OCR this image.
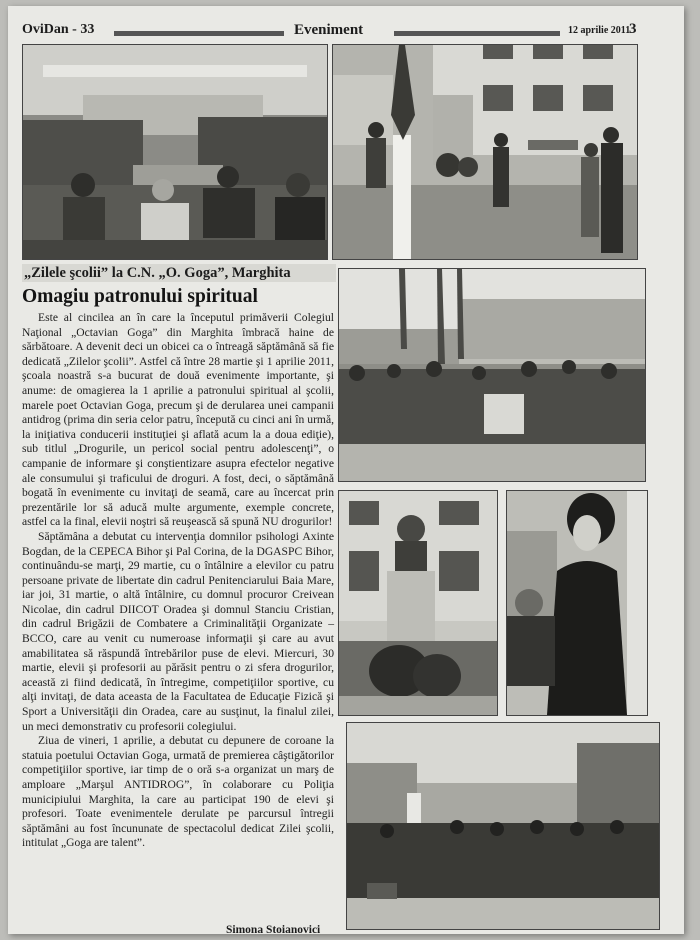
OviDan - 33	Eveniment	12 aprilie 2011
3
„Zilele şcolii” la C.N. „O. Goga”, Marghita
Omagiu patronului spiritual

Este al cincilea an în care la începutul primăverii Colegiul Naţional „Octavian Goga” din Marghita îmbracă haine de sărbătoare. A devenit deci un obicei ca o întreagă săptămână să fie dedicată „Zilelor şcolii”. Astfel că între 28 martie şi 1 aprilie 2011, şcoala noastră s-a bucurat de două evenimente importante, şi anume: de omagierea la 1 aprilie a patronului spiritual al şcolii, marele poet Octavian Goga, precum şi de derularea unei campanii antidrog (prima din seria celor patru, începută cu cinci ani în urmă, la iniţiativa conducerii instituţiei şi aflată acum la a doua ediţie), sub titlul „Drogurile, un pericol social pentru adolescenţi”, o campanie de informare şi conştientizare asupra efectelor negative ale consumului şi traficului de droguri. A fost, deci, o săptămână bogată în evenimente cu invitaţi de seamă, care au încercat prin prezentările lor să aducă multe argumente, exemple concrete, astfel ca la final, elevii noştri să reuşească să spună NU drogurilor!

Săptămâna a debutat cu intervenţia domnilor psihologi Axinte Bogdan, de la CEPECA Bihor şi Pal Corina, de la DGASPC Bihor, continuându-se marţi, 29 martie, cu o întâlnire a elevilor cu patru persoane private de libertate din cadrul Penitenciarului Baia Mare, iar joi, 31 martie, o altă întâlnire, cu domnul procuror Creivean Nicolae, din cadrul DIICOT Oradea şi domnul Stanciu Cristian, din cadrul Brigăzii de Combatere a Criminalităţii Organizate – BCCO, care au venit cu numeroase informaţii şi care au avut amabilitatea să răspundă întrebărilor puse de elevi. Miercuri, 30 martie, elevii şi profesorii au părăsit pentru o zi sfera drogurilor, această zi fiind dedicată, în întregime, competiţiilor sportive, cu alţi invitaţi, de data aceasta de la Facultatea de Educaţie Fizică şi Sport a Universităţii din Oradea, care au susţinut, la finalul zilei, un meci demonstrativ cu profesorii colegiului.

Ziua de vineri, 1 aprilie, a debutat cu depunere de coroane la statuia poetului Octavian Goga, urmată de premierea câştigătorilor competiţiilor sportive, iar timp de o oră s-a organizat un marş de amploare „Marşul ANTIDROG”, în colaborare cu Poliţia municipiului Marghita, la care au participat 190 de elevi şi profesori. Toate evenimentele derulate pe parcursul întregii săptămâni au fost încununate de spectacolul dedicat Zilei şcolii, intitulat „Goga are talent”.

Simona Stoianovici
